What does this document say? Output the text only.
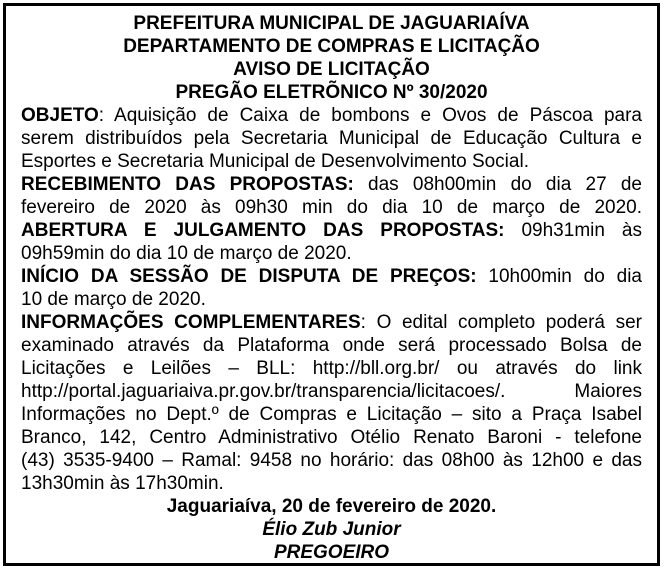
PREFEITURA MUNICIPAL DE JAGUARIAÍVA
DEPARTAMENTO DE COMPRAS E LICITAÇÃO
AVISO DE LICITAÇÃO
PREGÃO ELETRÕNICO Nº 30/2020
OBJETO: Aquisição de Caixa de bombons e Ovos de Páscoa para
serem distribuídos pela Secretaria Municipal de Educação Cultura e
Esportes e Secretaria Municipal de Desenvolvimento Social.
RECEBIMENTO DAS PROPOSTAS: das 08h00min do dia 27 de
fevereiro de 2020 às 09h30 min do dia 10 de março de 2020.
ABERTURA E JULGAMENTO DAS PROPOSTAS: 09h31min às
09h59min do dia 10 de março de 2020.
INÍCIO DA SESSÃO DE DISPUTA DE PREÇOS: 10h00min do dia
10 de março de 2020.
INFORMAÇÕES COMPLEMENTARES: O edital completo poderá ser
examinado através da Plataforma onde será processado Bolsa de
Licitações e Leilões – BLL: http://bll.org.br/ ou através do link
http://portal.jaguariaiva.pr.gov.br/transparencia/licitacoes/. Maiores
Informações no Dept.º de Compras e Licitação – sito a Praça Isabel
Branco, 142, Centro Administrativo Otélio Renato Baroni - telefone
(43) 3535-9400 – Ramal: 9458 no horário: das 08h00 às 12h00 e das
13h30min às 17h30min.
Jaguariaíva, 20 de fevereiro de 2020.
Élio Zub Junior
PREGOEIRO
